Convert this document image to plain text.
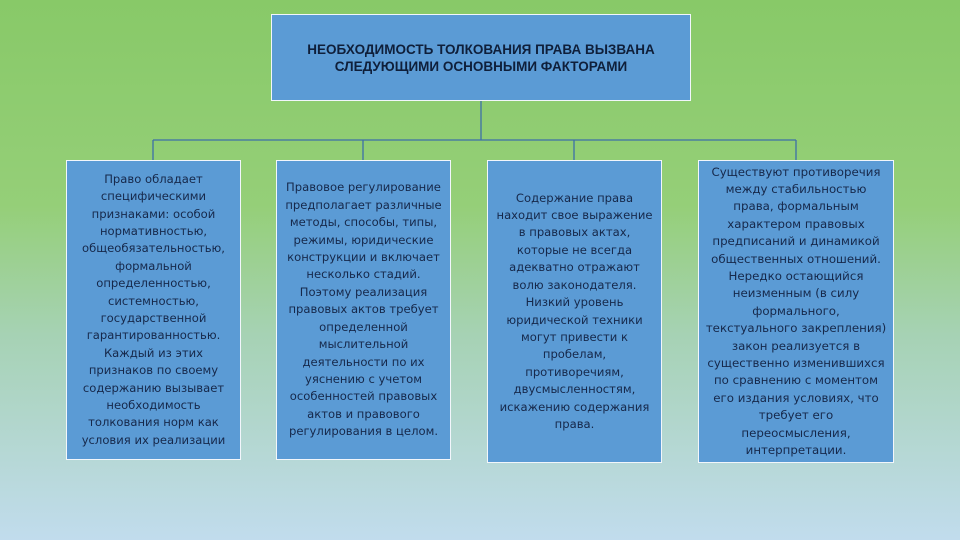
НЕОБХОДИМОСТЬ ТОЛКОВАНИЯ ПРАВА ВЫЗВАНА
СЛЕДУЮЩИМИ ОСНОВНЫМИ ФАКТОРАМИ
Право обладает
специфическими
признаками: особой
нормативностью,
общеобязательностью,
формальной
определенностью,
системностью,
государственной
гарантированностью.
Каждый из этих
признаков по своему
содержанию вызывает
необходимость
толкования норм как
условия их реализации
Правовое регулирование
предполагает различные
методы, способы, типы,
режимы, юридические
конструкции и включает
несколько стадий.
Поэтому реализация
правовых актов требует
определенной
мыслительной
деятельности по их
уяснению с учетом
особенностей правовых
актов и правового
регулирования в целом.
Содержание права
находит свое выражение
в правовых актах,
которые не всегда
адекватно отражают
волю законодателя.
Низкий уровень
юридической техники
могут привести к
пробелам,
противоречиям,
двусмысленностям,
искажению содержания
права.
Существуют противоречия
между стабильностью
права, формальным
характером правовых
предписаний и динамикой
общественных отношений.
Нередко остающийся
неизменным (в силу
формального,
текстуального закрепления)
закон реализуется в
существенно изменившихся
по сравнению с моментом
его издания условиях, что
требует его
переосмысления,
интерпретации.
